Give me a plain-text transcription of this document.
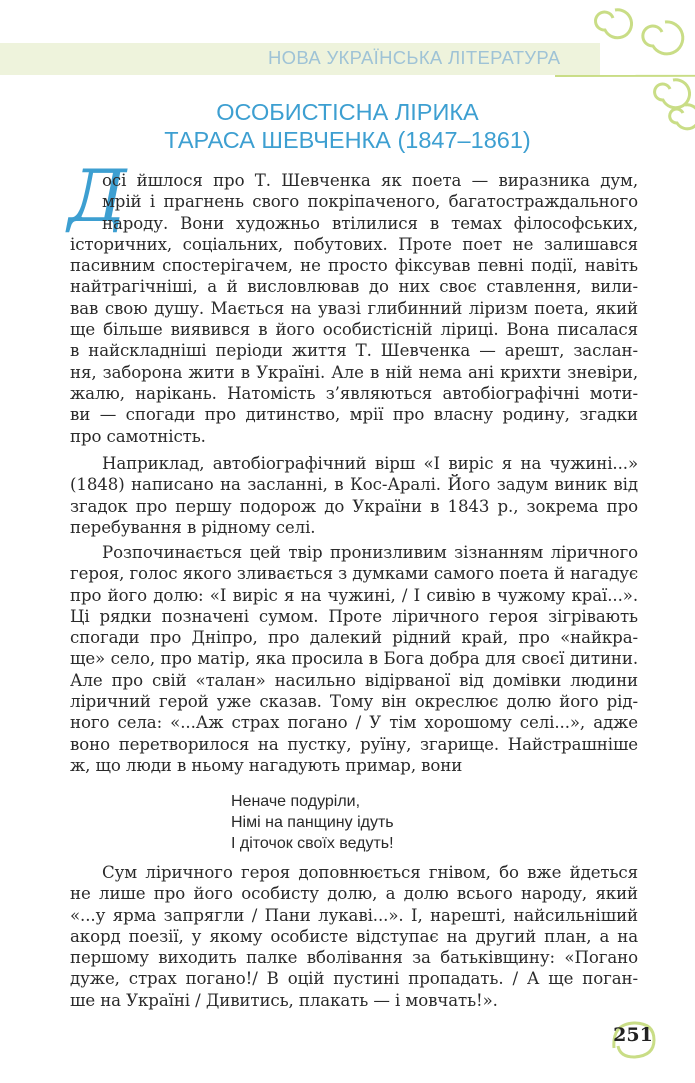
НОВА УКРАЇНСЬКА ЛІТЕРАТУРА
ОСОБИСТІСНА ЛІРИКА
ТАРАСА ШЕВЧЕНКА (1847–1861)
Д
осі йшлося про Т. Шевченка як поета — виразника дум,
мрій і прагнень свого покріпаченого, багатостраждального
народу. Вони художньо втілилися в темах філософських,
історичних, соціальних, побутових. Проте поет не залишався
пасивним спостерігачем, не просто фіксував певні події, навіть
найтрагічніші, а й висловлював до них своє ставлення, вили-
вав свою душу. Мається на увазі глибинний ліризм поета, який
ще більше виявився в його особистісній ліриці. Вона писалася
в найскладніші періоди життя Т. Шевченка — арешт, заслан-
ня, заборона жити в Україні. Але в ній нема ані крихти зневіри,
жалю, нарікань. Натомість з’являються автобіографічні моти-
ви — спогади про дитинство, мрії про власну родину, згадки
про самотність.
Наприклад, автобіографічний вірш «І виріс я на чужині...»
(1848) написано на засланні, в Кос-Аралі. Його задум виник від
згадок про першу подорож до України в 1843 р., зокрема про
перебування в рідному селі.
Розпочинається цей твір пронизливим зізнанням ліричного
героя, голос якого зливається з думками самого поета й нагадує
про його долю: «І виріс я на чужині, / І сивію в чужому краї...».
Ці рядки позначені сумом. Проте ліричного героя зігрівають
спогади про Дніпро, про далекий рідний край, про «найкра-
ще» село, про матір, яка просила в Бога добра для своєї дитини.
Але про свій «талан» насильно відірваної від домівки людини
ліричний герой уже сказав. Тому він окреслює долю його рід-
ного села: «...Аж страх погано / У тім хорошому селі...», адже
воно перетворилося на пустку, руїну, згарище. Найстрашніше
ж, що люди в ньому нагадують примар, вони
Неначе подуріли,
Німі на панщину ідуть
І діточок своїх ведуть!
Сум ліричного героя доповнюється гнівом, бо вже йдеться
не лише про його особисту долю, а долю всього народу, який
«...у ярма запрягли / Пани лукаві...». І, нарешті, найсильніший
акорд поезії, у якому особисте відступає на другий план, а на
першому виходить палке вболівання за батьківщину: «Погано
дуже, страх погано!/ В оцій пустині пропадать. / А ще поган-
ше на Україні / Дивитись, плакать — і мовчать!».
251
